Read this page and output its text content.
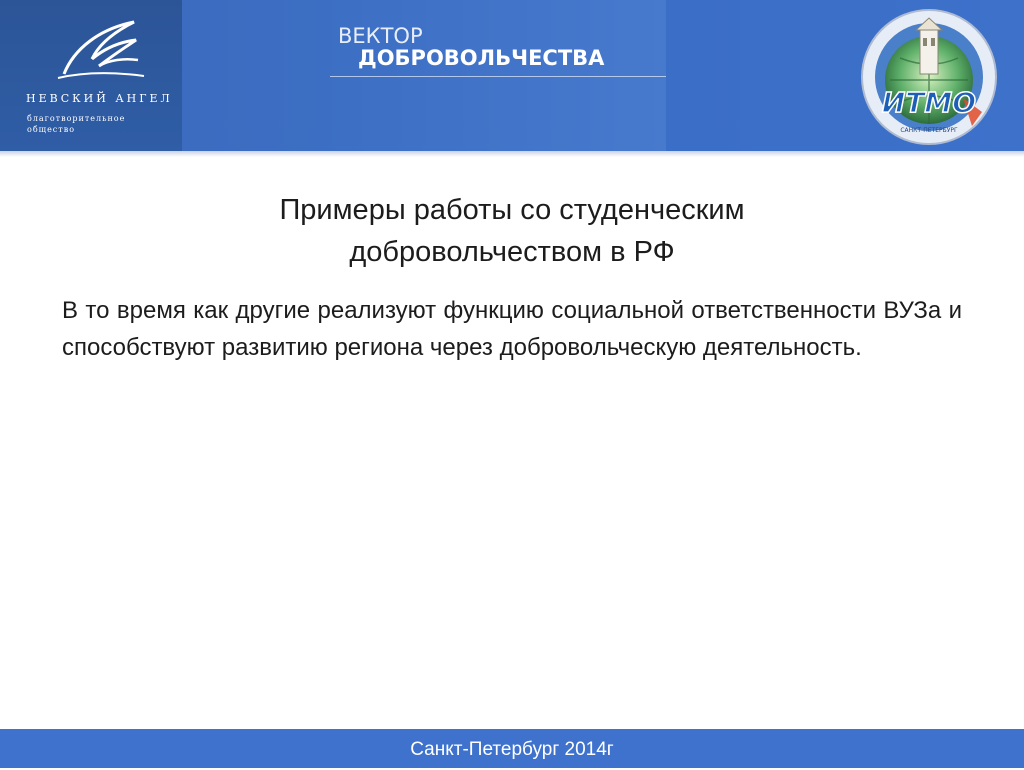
НЕВСКИЙ АНГЕЛ
благотворительное
общество
ВЕКТОР
ДОБРОВОЛЬЧЕСТВА
ИТМО
САНКТ-ПЕТЕРБУРГ
Примеры работы со студенческим
добровольчеством в РФ
В то время как другие реализуют функцию социальной ответственности ВУЗа и способствуют развитию региона через добровольческую деятельность.
Санкт-Петербург 2014г
